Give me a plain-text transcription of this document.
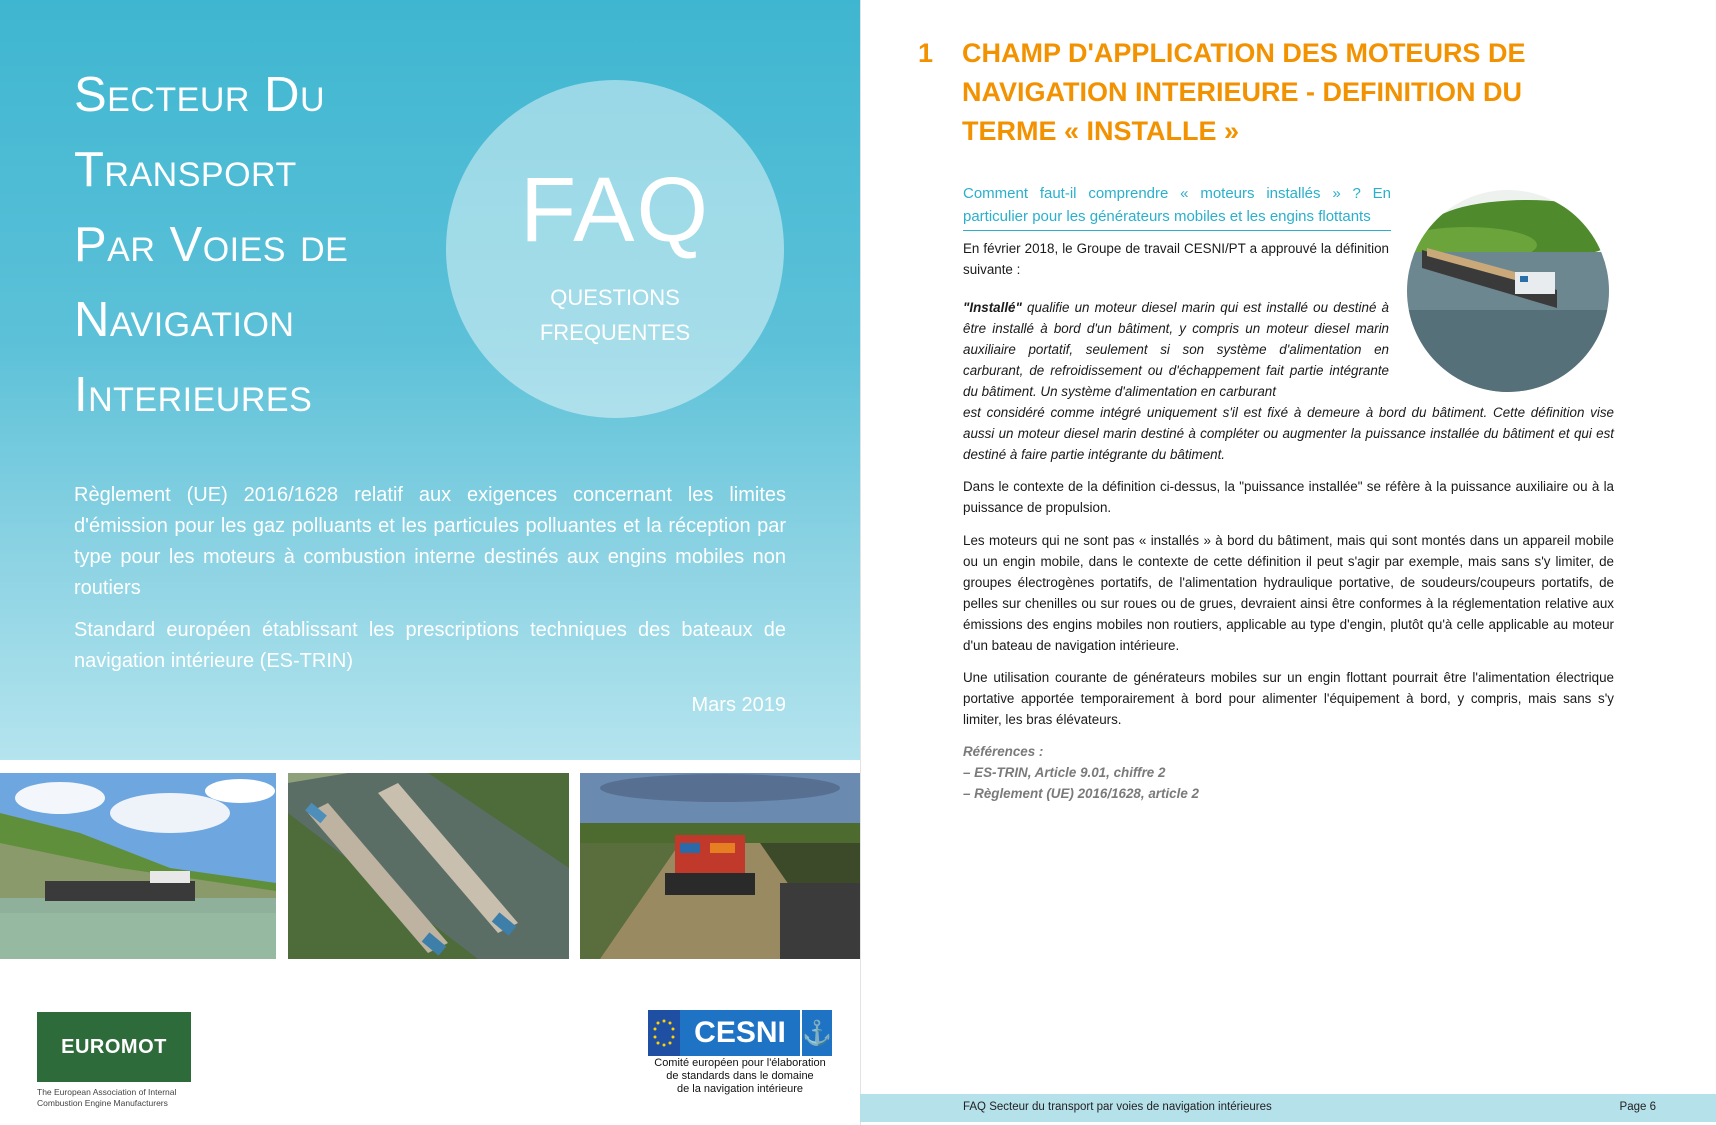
Secteur Du
Transport
Par Voies de
Navigation
Interieures
FAQ
QUESTIONS
FREQUENTES

Règlement (UE) 2016/1628 relatif aux exigences concernant les limites d'émission pour les gaz polluants et les particules polluantes et la réception par type pour les moteurs à combustion interne destinés aux engins mobiles non routiers

Standard européen établissant les prescriptions techniques des bateaux de navigation intérieure (ES-TRIN)

Mars 2019
EUROMOT
The European Association of Internal
Combustion Engine Manufacturers
CESNI ⚓
Comité européen pour l'élaboration
de standards dans le domaine
de la navigation intérieure
1 CHAMP D'APPLICATION DES MOTEURS DE
NAVIGATION INTERIEURE - DEFINITION DU
TERME « INSTALLE »
Comment faut-il comprendre « moteurs installés » ? En particulier pour les générateurs mobiles et les engins flottants
En février 2018, le Groupe de travail CESNI/PT a approuvé la définition suivante :
"Installé" qualifie un moteur diesel marin qui est installé ou destiné à être installé à bord d'un bâtiment, y compris un moteur diesel marin auxiliaire portatif, seulement si son système d'alimentation en carburant, de refroidissement ou d'échappement fait partie intégrante du bâtiment. Un système d'alimentation en carburant
est considéré comme intégré uniquement s'il est fixé à demeure à bord du bâtiment. Cette définition vise aussi un moteur diesel marin destiné à compléter ou augmenter la puissance installée du bâtiment et qui est destiné à faire partie intégrante du bâtiment.
Dans le contexte de la définition ci-dessus, la "puissance installée" se réfère à la puissance auxiliaire ou à la puissance de propulsion.
Les moteurs qui ne sont pas « installés » à bord du bâtiment, mais qui sont montés dans un appareil mobile ou un engin mobile, dans le contexte de cette définition il peut s'agir par exemple, mais sans s'y limiter, de groupes électrogènes portatifs, de l'alimentation hydraulique portative, de soudeurs/coupeurs portatifs, de pelles sur chenilles ou sur roues ou de grues, devraient ainsi être conformes à la réglementation relative aux émissions des engins mobiles non routiers, applicable au type d'engin, plutôt qu'à celle applicable au moteur d'un bateau de navigation intérieure.
Une utilisation courante de générateurs mobiles sur un engin flottant pourrait être l'alimentation électrique portative apportée temporairement à bord pour alimenter l'équipement à bord, y compris, mais sans s'y limiter, les bras élévateurs.
Références :
– ES-TRIN, Article 9.01, chiffre 2
– Règlement (UE) 2016/1628, article 2
FAQ Secteur du transport par voies de navigation intérieures	Page 6
